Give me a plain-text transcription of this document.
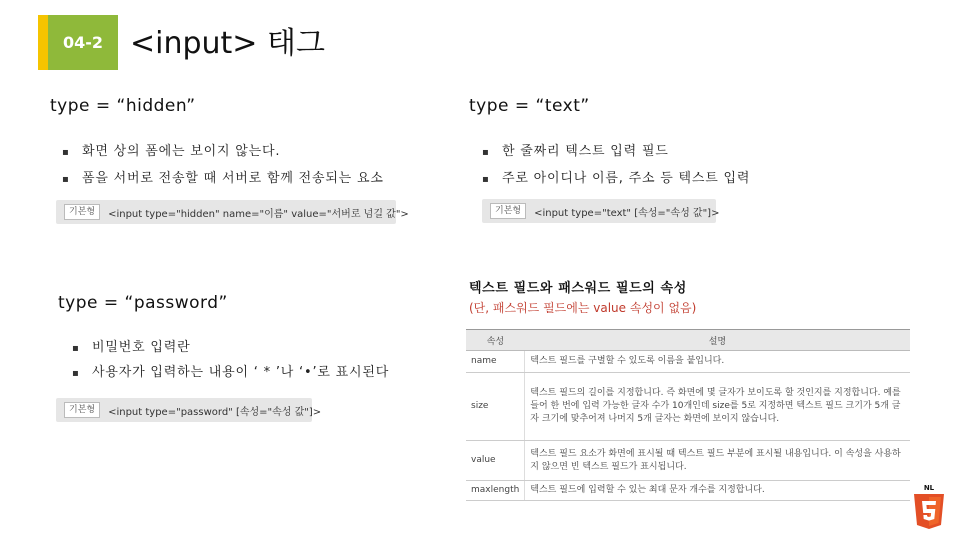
04-2 <input> 태그
type = “hidden”
▪ 화면 상의 폼에는 보이지 않는다.
▪ 폼을 서버로 전송할 때 서버로 함께 전송되는 요소
기본형	<input type="hidden" name="이름" value="서버로 넘길 값">
type = “text”
▪ 한 줄짜리 텍스트 입력 필드
▪ 주로 아이디나 이름, 주소 등 텍스트 입력
기본형	<input type="text" [속성="속성 값"]>
type = “password”
▪ 비밀번호 입력란
▪ 사용자가 입력하는 내용이 ‘ * ’나 ‘•’로 표시된다
기본형	<input type="password" [속성="속성 값"]>
텍스트 필드와 패스워드 필드의 속성
(단, 패스워드 필드에는 value 속성이 없음)
속성	설명
name	텍스트 필드를 구별할 수 있도록 이름을 붙입니다.
size	텍스트 필드의 길이를 지정합니다. 즉 화면에 몇 글자가 보이도록 할 것인지를 지정합니다. 예를 들어 한 번에 입력 가능한 글자 수가 10개인데 size를 5로 지정하면 텍스트 필드 크기가 5개 글자 크기에 맞추어져 나머지 5개 글자는 화면에 보이지 않습니다.
value	텍스트 필드 요소가 화면에 표시될 때 텍스트 필드 부분에 표시될 내용입니다. 이 속성을 사용하지 않으면 빈 텍스트 필드가 표시됩니다.
maxlength	텍스트 필드에 입력할 수 있는 최대 문자 개수를 지정합니다.	NL
